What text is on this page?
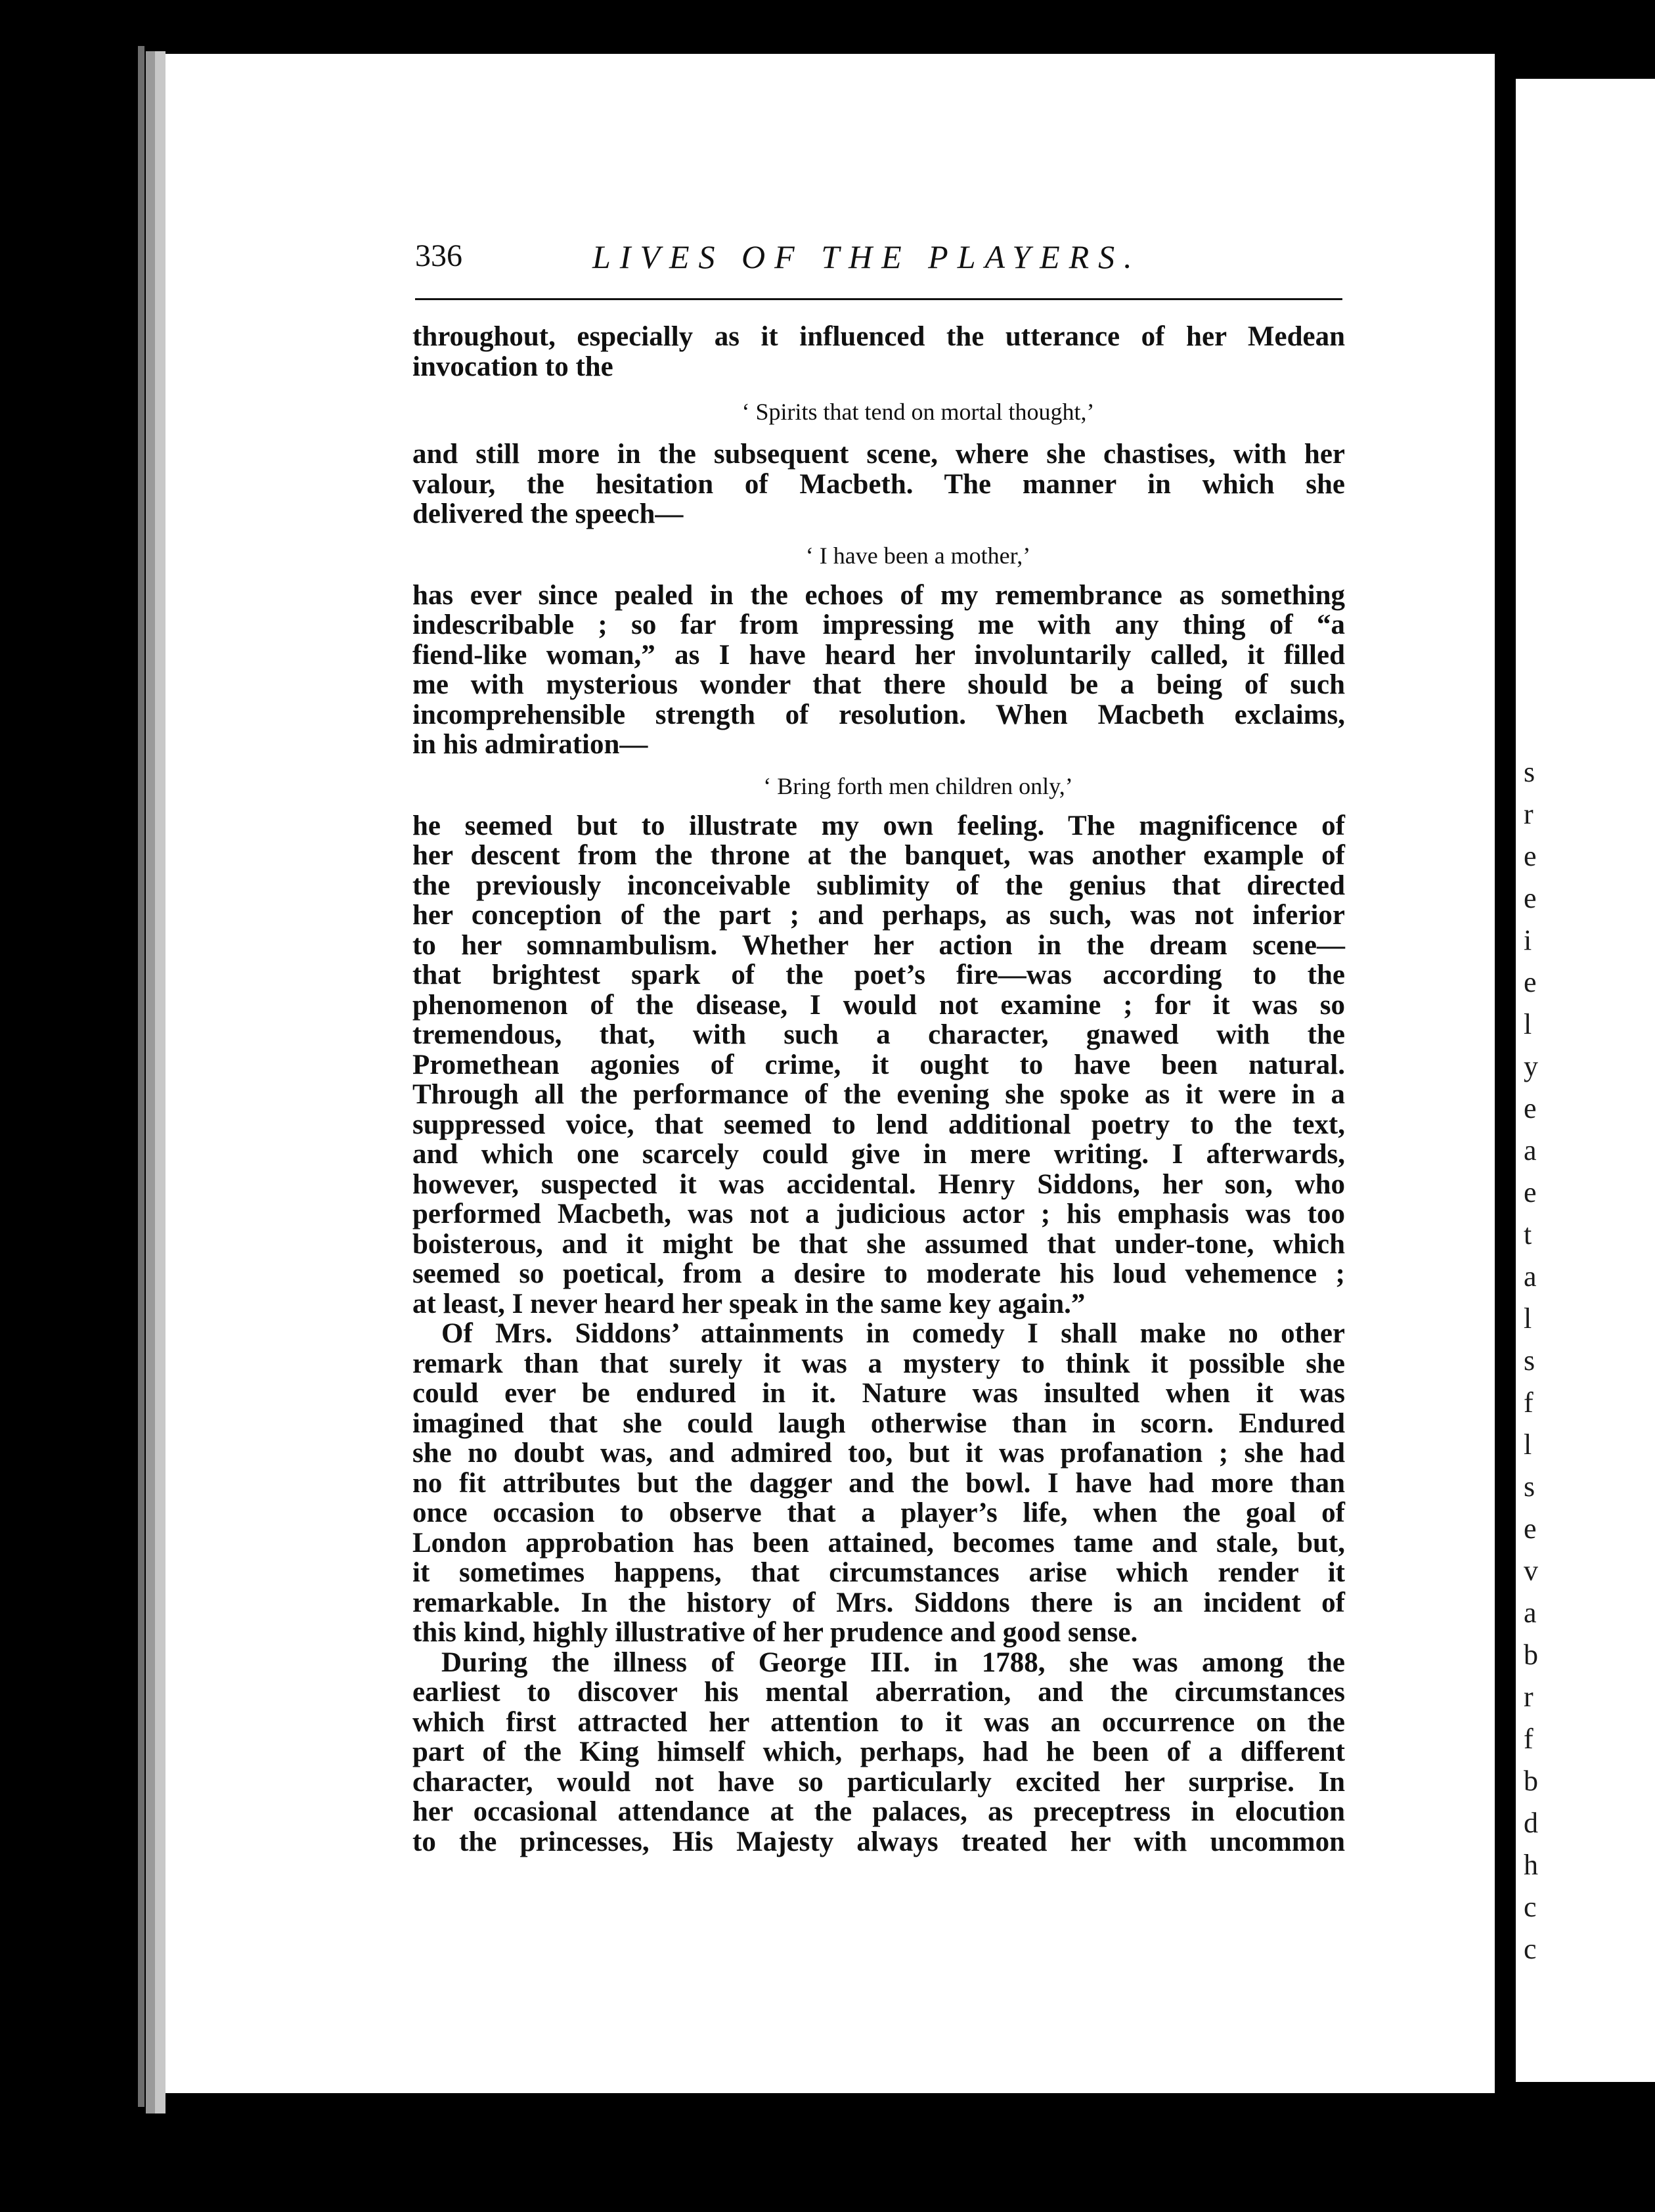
s
r
e
e
i
e
l
y
e
a
e
t
a
l
s
f
l
s
e
v
a
b
r
f
b
d
h
c
c
336	LIVES OF THE PLAYERS.
throughout, especially as it influenced the utterance of her Medean
invocation to the
‘ Spirits that tend on mortal thought,’
and still more in the subsequent scene, where she chastises, with her
valour, the hesitation of Macbeth. The manner in which she
delivered the speech—
‘ I have been a mother,’
has ever since pealed in the echoes of my remembrance as something
indescribable ; so far from impressing me with any thing of “a
fiend-like woman,” as I have heard her involuntarily called, it filled
me with mysterious wonder that there should be a being of such
incomprehensible strength of resolution. When Macbeth exclaims,
in his admiration—
‘ Bring forth men children only,’
he seemed but to illustrate my own feeling. The magnificence of
her descent from the throne at the banquet, was another example of
the previously inconceivable sublimity of the genius that directed
her conception of the part ; and perhaps, as such, was not inferior
to her somnambulism. Whether her action in the dream scene—
that brightest spark of the poet’s fire—was according to the
phenomenon of the disease, I would not examine ; for it was so
tremendous, that, with such a character, gnawed with the
Promethean agonies of crime, it ought to have been natural.
Through all the performance of the evening she spoke as it were in a
suppressed voice, that seemed to lend additional poetry to the text,
and which one scarcely could give in mere writing. I afterwards,
however, suspected it was accidental. Henry Siddons, her son, who
performed Macbeth, was not a judicious actor ; his emphasis was too
boisterous, and it might be that she assumed that under-tone, which
seemed so poetical, from a desire to moderate his loud vehemence ;
at least, I never heard her speak in the same key again.”
Of Mrs. Siddons’ attainments in comedy I shall make no other
remark than that surely it was a mystery to think it possible she
could ever be endured in it. Nature was insulted when it was
imagined that she could laugh otherwise than in scorn. Endured
she no doubt was, and admired too, but it was profanation ; she had
no fit attributes but the dagger and the bowl. I have had more than
once occasion to observe that a player’s life, when the goal of
London approbation has been attained, becomes tame and stale, but,
it sometimes happens, that circumstances arise which render it
remarkable. In the history of Mrs. Siddons there is an incident of
this kind, highly illustrative of her prudence and good sense.
During the illness of George III. in 1788, she was among the
earliest to discover his mental aberration, and the circumstances
which first attracted her attention to it was an occurrence on the
part of the King himself which, perhaps, had he been of a different
character, would not have so particularly excited her surprise. In
her occasional attendance at the palaces, as preceptress in elocution
to the princesses, His Majesty always treated her with uncommon
